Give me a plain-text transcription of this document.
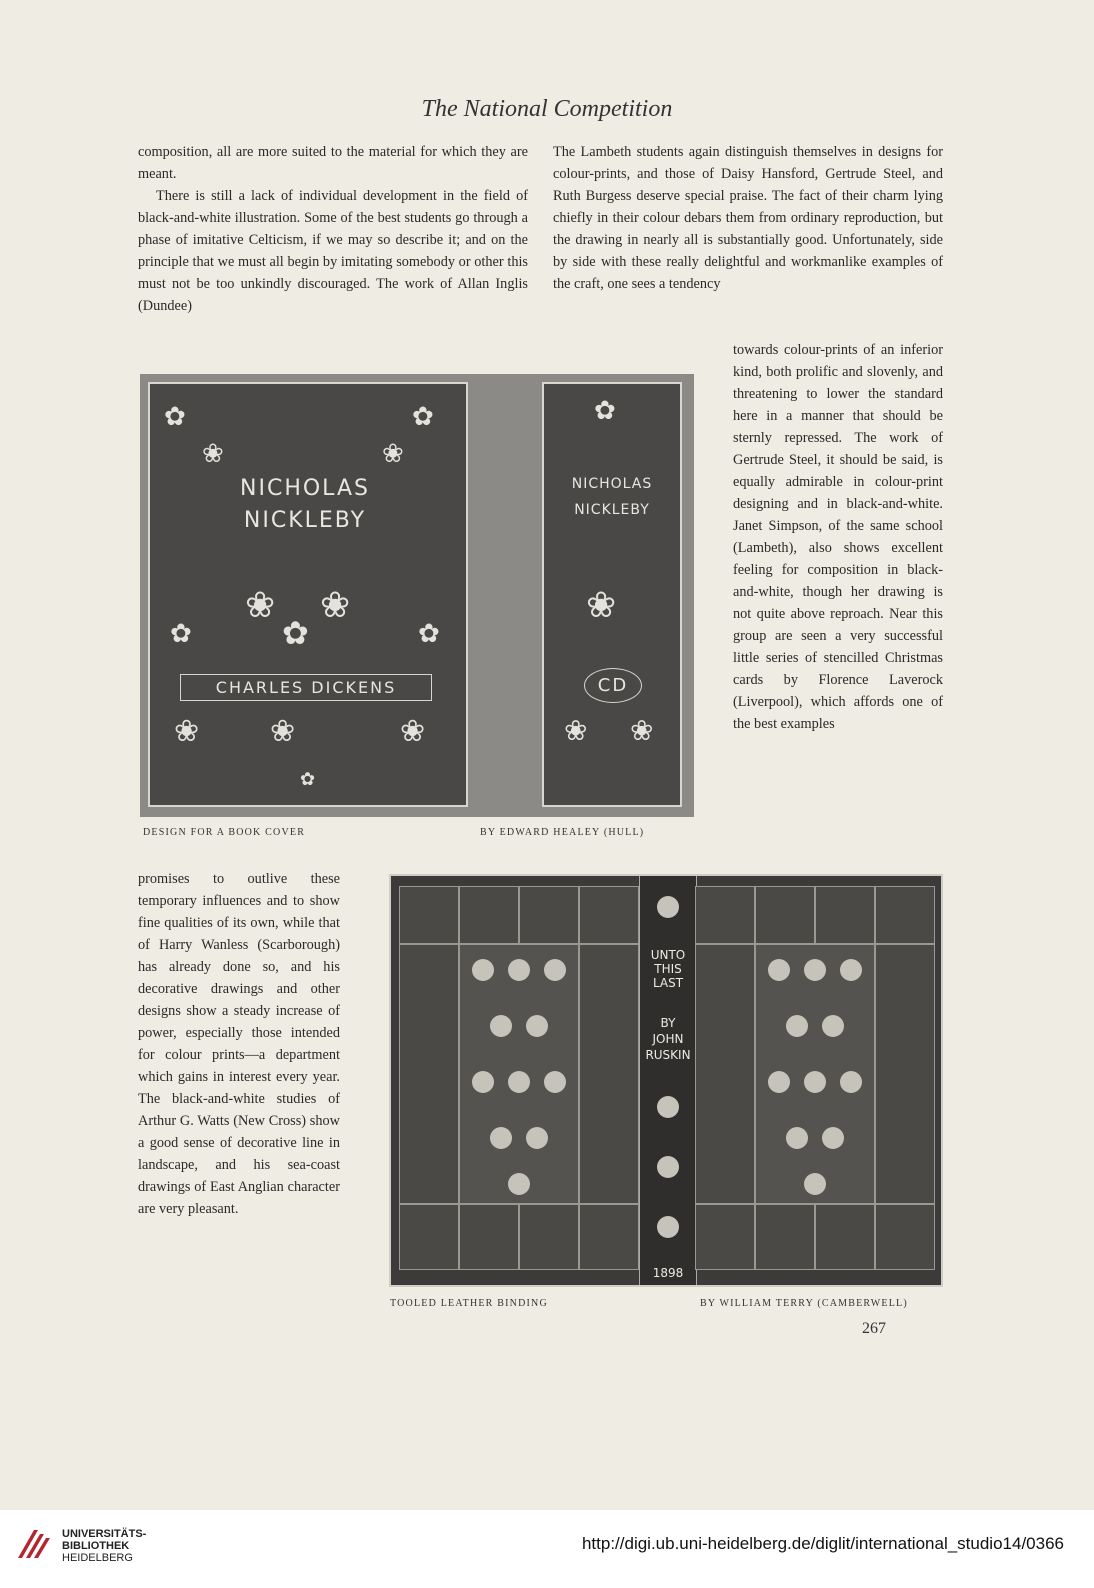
The National Competition

composition, all are more suited to the material for which they are meant.

There is still a lack of individual development in the field of black-and-white illustration. Some of the best students go through a phase of imitative Celticism, if we may so describe it; and on the principle that we must all begin by imitating somebody or other this must not be too unkindly discouraged. The work of Allan Inglis (Dundee)

The Lambeth students again distinguish themselves in designs for colour-prints, and those of Daisy Hansford, Gertrude Steel, and Ruth Burgess deserve special praise. The fact of their charm lying chiefly in their colour debars them from ordinary reproduction, but the drawing in nearly all is substantially good. Unfortunately, side by side with these really delightful and workmanlike examples of the craft, one sees a tendency

towards colour-prints of an inferior kind, both prolific and slovenly, and threatening to lower the standard here in a manner that should be sternly repressed. The work of Gertrude Steel, it should be said, is equally admirable in colour-print designing and in black-and-white. Janet Simpson, of the same school (Lambeth), also shows excellent feeling for composition in black-and-white, though her drawing is not quite above reproach. Near this group are seen a very successful little series of stencilled Christmas cards by Florence Laverock (Liverpool), which affords one of the best examples

✿	✿
❀	❀
NICHOLAS
NICKLEBY
❀ ❀
✿
✿	✿
CHARLES DICKENS
❀ ❀	❀
✿
✿
NICHOLAS
NICKLEBY
❀
CD
❀ ❀
DESIGN FOR A BOOK COVER	BY EDWARD HEALEY (HULL)

promises to outlive these temporary influences and to show fine qualities of its own, while that of Harry Wanless (Scarborough) has already done so, and his decorative drawings and other designs show a steady increase of power, especially those intended for colour prints—a department which gains in interest every year. The black-and-white studies of Arthur G. Watts (New Cross) show a good sense of decorative line in landscape, and his sea-coast drawings of East Anglian character are very pleasant.

UNTO THIS LAST
BY
JOHN
RUSKIN
1898
TOOLED LEATHER BINDING	BY WILLIAM TERRY (CAMBERWELL)
267
UNIVERSITÄTS-
BIBLIOTHEK
HEIDELBERG
http://digi.ub.uni-heidelberg.de/diglit/international_studio14/0366
